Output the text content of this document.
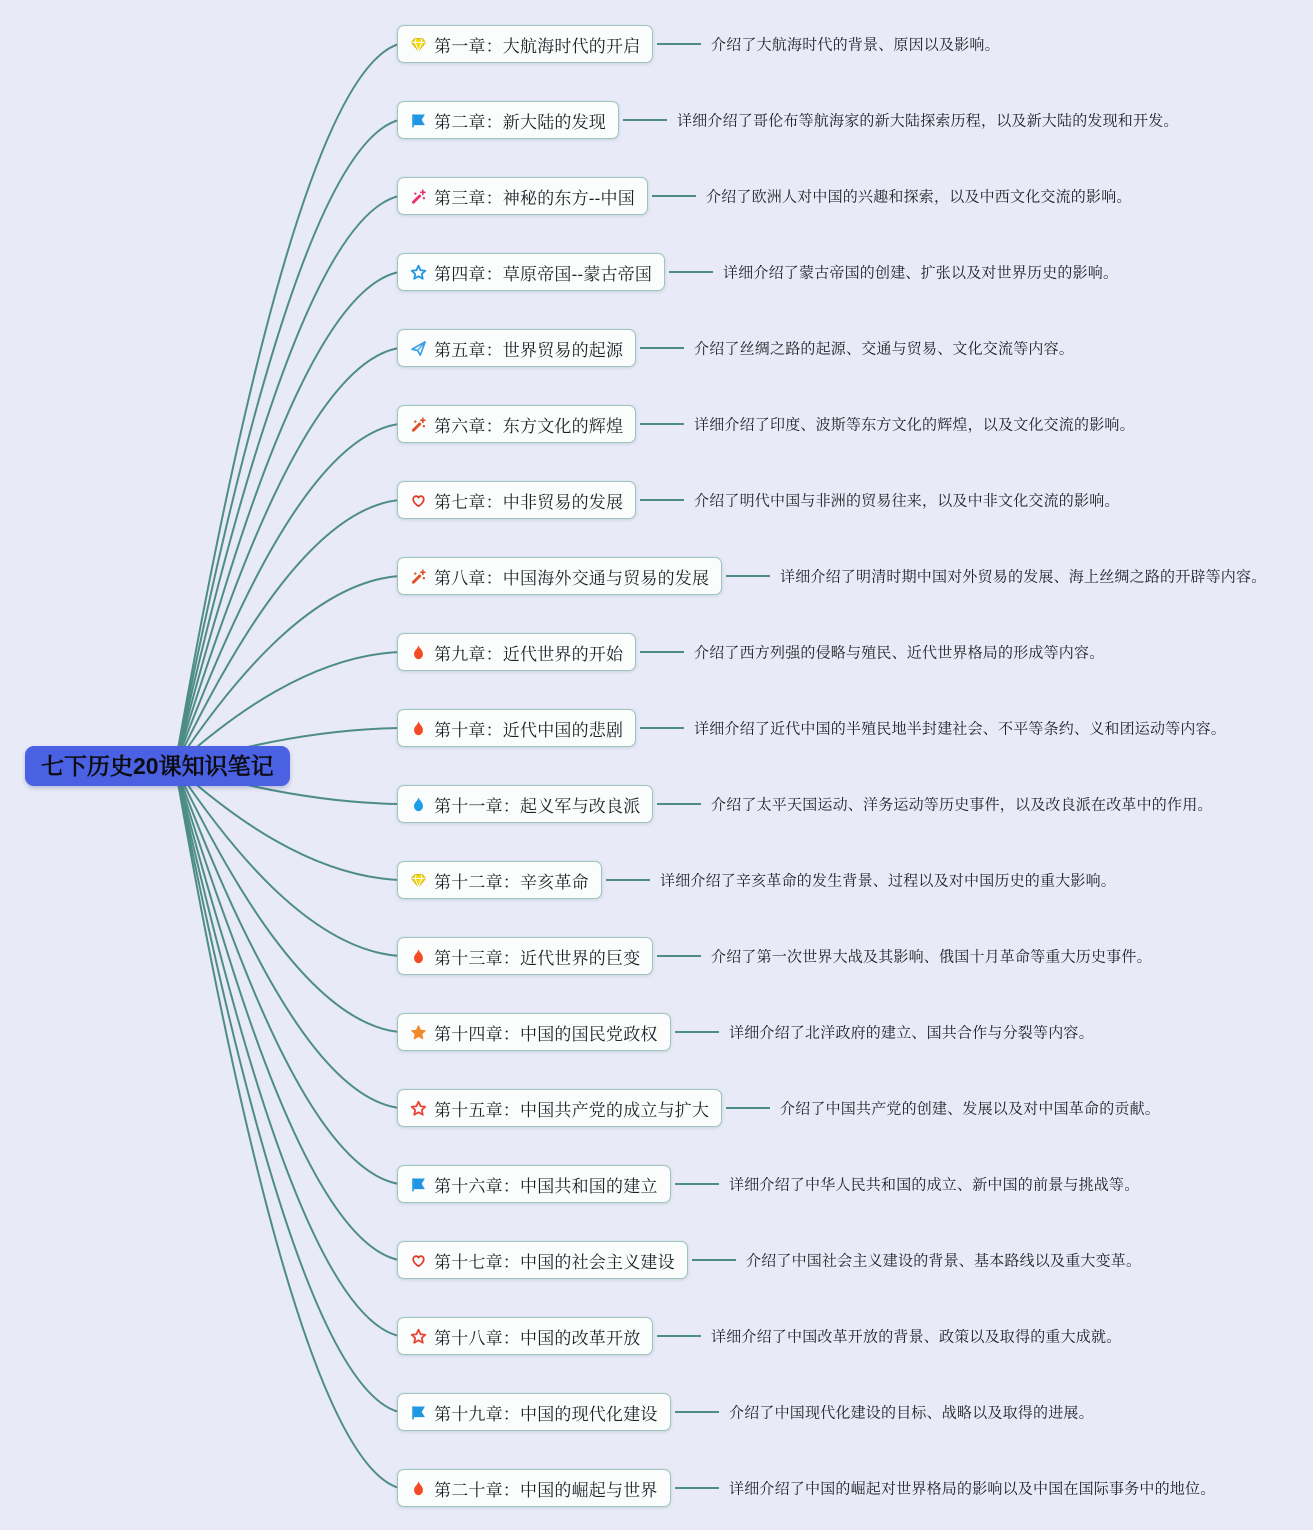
七下历史20课知识笔记
第一章：大航海时代的开启	介绍了大航海时代的背景、原因以及影响。
第二章：新大陆的发现	详细介绍了哥伦布等航海家的新大陆探索历程，以及新大陆的发现和开发。
第三章：神秘的东方--中国	介绍了欧洲人对中国的兴趣和探索，以及中西文化交流的影响。
第四章：草原帝国--蒙古帝国	详细介绍了蒙古帝国的创建、扩张以及对世界历史的影响。
第五章：世界贸易的起源	介绍了丝绸之路的起源、交通与贸易、文化交流等内容。
第六章：东方文化的辉煌	详细介绍了印度、波斯等东方文化的辉煌，以及文化交流的影响。
第七章：中非贸易的发展	介绍了明代中国与非洲的贸易往来，以及中非文化交流的影响。
第八章：中国海外交通与贸易的发展	详细介绍了明清时期中国对外贸易的发展、海上丝绸之路的开辟等内容。
第九章：近代世界的开始	介绍了西方列强的侵略与殖民、近代世界格局的形成等内容。
第十章：近代中国的悲剧	详细介绍了近代中国的半殖民地半封建社会、不平等条约、义和团运动等内容。
第十一章：起义军与改良派	介绍了太平天国运动、洋务运动等历史事件，以及改良派在改革中的作用。
第十二章：辛亥革命	详细介绍了辛亥革命的发生背景、过程以及对中国历史的重大影响。
第十三章：近代世界的巨变	介绍了第一次世界大战及其影响、俄国十月革命等重大历史事件。
第十四章：中国的国民党政权	详细介绍了北洋政府的建立、国共合作与分裂等内容。
第十五章：中国共产党的成立与扩大	介绍了中国共产党的创建、发展以及对中国革命的贡献。
第十六章：中国共和国的建立	详细介绍了中华人民共和国的成立、新中国的前景与挑战等。
第十七章：中国的社会主义建设	介绍了中国社会主义建设的背景、基本路线以及重大变革。
第十八章：中国的改革开放	详细介绍了中国改革开放的背景、政策以及取得的重大成就。
第十九章：中国的现代化建设	介绍了中国现代化建设的目标、战略以及取得的进展。
第二十章：中国的崛起与世界	详细介绍了中国的崛起对世界格局的影响以及中国在国际事务中的地位。
